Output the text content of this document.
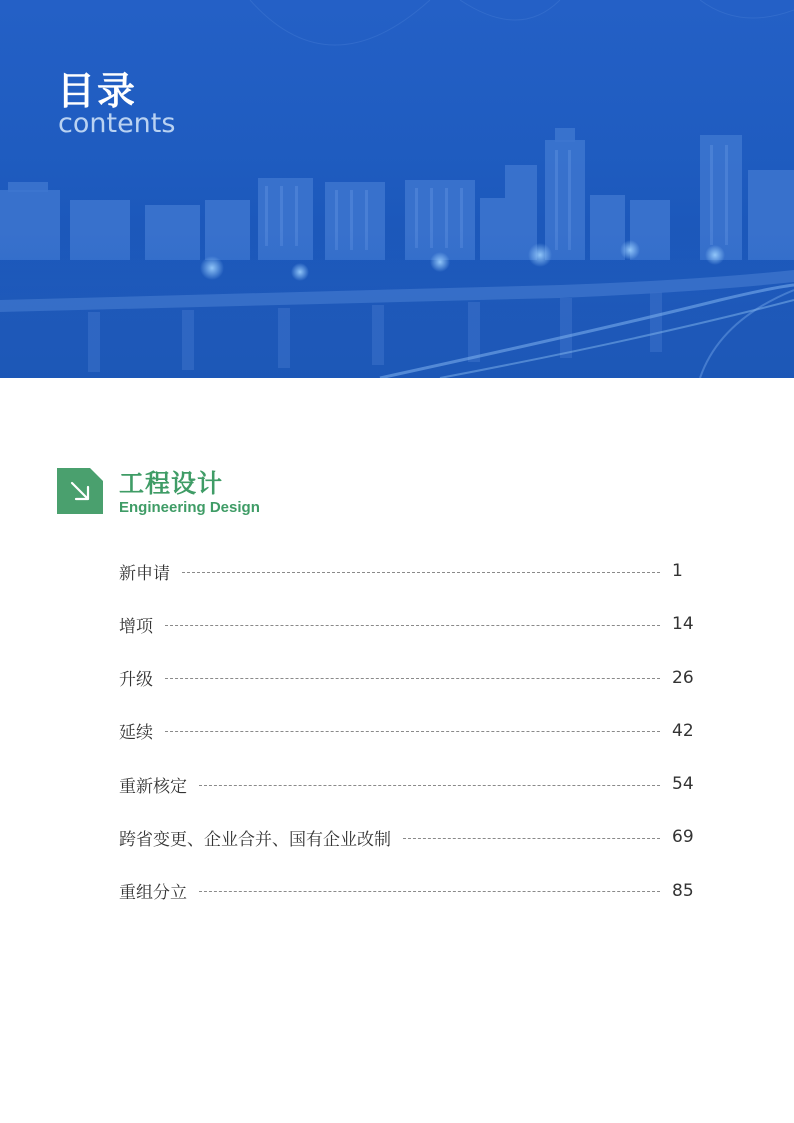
目录
contents
工程设计
Engineering Design
新申请	1
增项	14
升级	26
延续	42
重新核定	54
跨省变更、企业合并、国有企业改制	69
重组分立	85
